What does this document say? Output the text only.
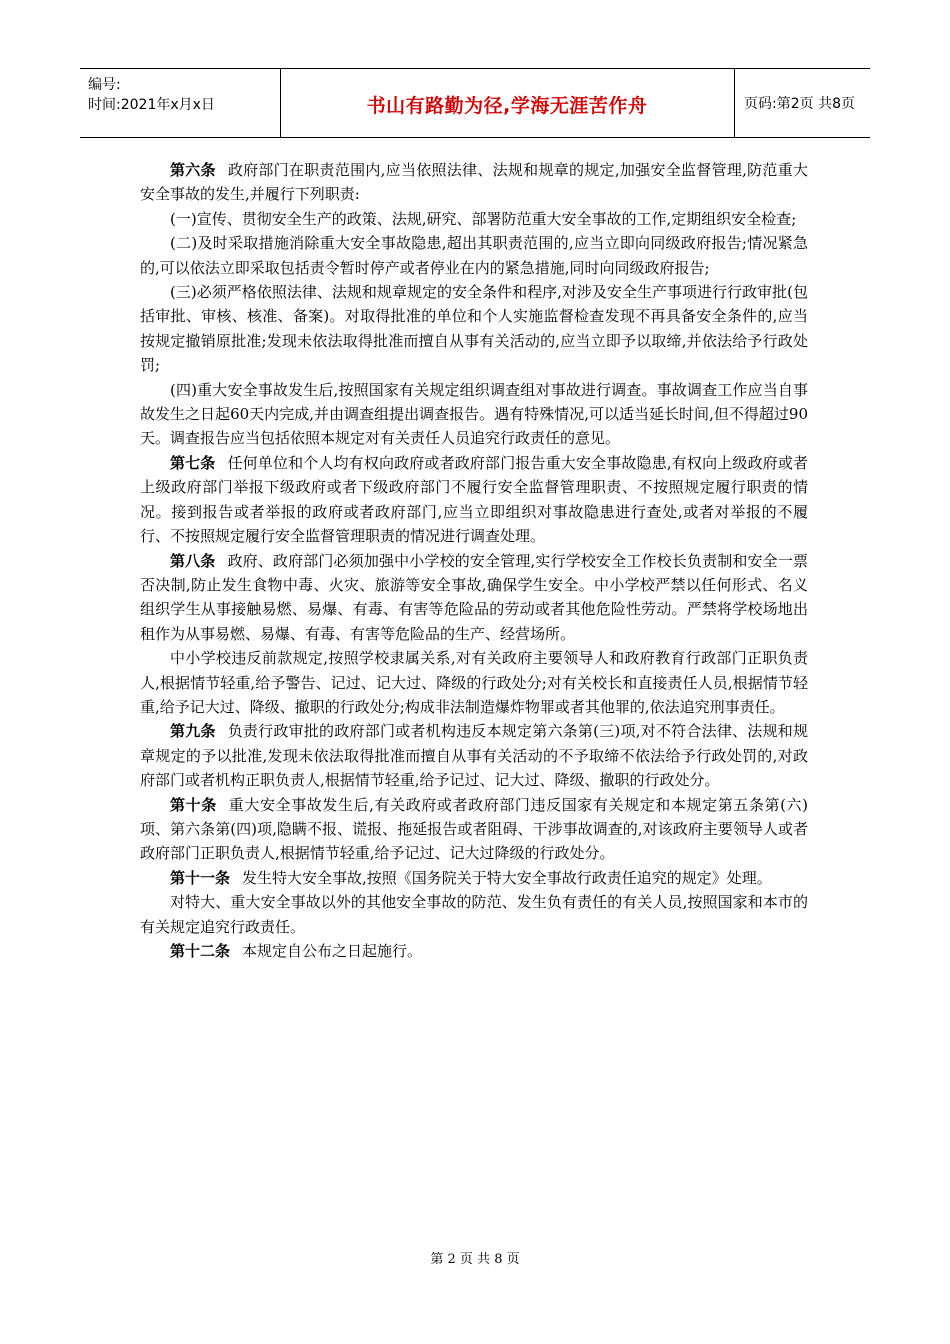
编号:
时间:2021年x月x日	书山有路勤为径,学海无涯苦作舟	页码:第2页 共8页

第六条 政府部门在职责范围内,应当依照法律、法规和规章的规定,加强安全监督管理,防范重大安全事故的发生,并履行下列职责:

(一)宣传、贯彻安全生产的政策、法规,研究、部署防范重大安全事故的工作,定期组织安全检查;

(二)及时采取措施消除重大安全事故隐患,超出其职责范围的,应当立即向同级政府报告;情况紧急的,可以依法立即采取包括责令暂时停产或者停业在内的紧急措施,同时向同级政府报告;

(三)必须严格依照法律、法规和规章规定的安全条件和程序,对涉及安全生产事项进行行政审批(包括审批、审核、核准、备案)。对取得批准的单位和个人实施监督检查发现不再具备安全条件的,应当按规定撤销原批准;发现未依法取得批准而擅自从事有关活动的,应当立即予以取缔,并依法给予行政处罚;

(四)重大安全事故发生后,按照国家有关规定组织调查组对事故进行调查。事故调查工作应当自事故发生之日起60天内完成,并由调查组提出调查报告。遇有特殊情况,可以适当延长时间,但不得超过90天。调查报告应当包括依照本规定对有关责任人员追究行政责任的意见。

第七条 任何单位和个人均有权向政府或者政府部门报告重大安全事故隐患,有权向上级政府或者上级政府部门举报下级政府或者下级政府部门不履行安全监督管理职责、不按照规定履行职责的情况。接到报告或者举报的政府或者政府部门,应当立即组织对事故隐患进行查处,或者对举报的不履行、不按照规定履行安全监督管理职责的情况进行调查处理。

第八条 政府、政府部门必须加强中小学校的安全管理,实行学校安全工作校长负责制和安全一票否决制,防止发生食物中毒、火灾、旅游等安全事故,确保学生安全。中小学校严禁以任何形式、名义组织学生从事接触易燃、易爆、有毒、有害等危险品的劳动或者其他危险性劳动。严禁将学校场地出租作为从事易燃、易爆、有毒、有害等危险品的生产、经营场所。

中小学校违反前款规定,按照学校隶属关系,对有关政府主要领导人和政府教育行政部门正职负责人,根据情节轻重,给予警告、记过、记大过、降级的行政处分;对有关校长和直接责任人员,根据情节轻重,给予记大过、降级、撤职的行政处分;构成非法制造爆炸物罪或者其他罪的,依法追究刑事责任。

第九条 负责行政审批的政府部门或者机构违反本规定第六条第(三)项,对不符合法律、法规和规章规定的予以批准,发现未依法取得批准而擅自从事有关活动的不予取缔不依法给予行政处罚的,对政府部门或者机构正职负责人,根据情节轻重,给予记过、记大过、降级、撤职的行政处分。

第十条 重大安全事故发生后,有关政府或者政府部门违反国家有关规定和本规定第五条第(六)项、第六条第(四)项,隐瞒不报、谎报、拖延报告或者阻碍、干涉事故调查的,对该政府主要领导人或者政府部门正职负责人,根据情节轻重,给予记过、记大过降级的行政处分。

第十一条 发生特大安全事故,按照《国务院关于特大安全事故行政责任追究的规定》处理。

对特大、重大安全事故以外的其他安全事故的防范、发生负有责任的有关人员,按照国家和本市的有关规定追究行政责任。

第十二条 本规定自公布之日起施行。

第 2 页 共 8 页
